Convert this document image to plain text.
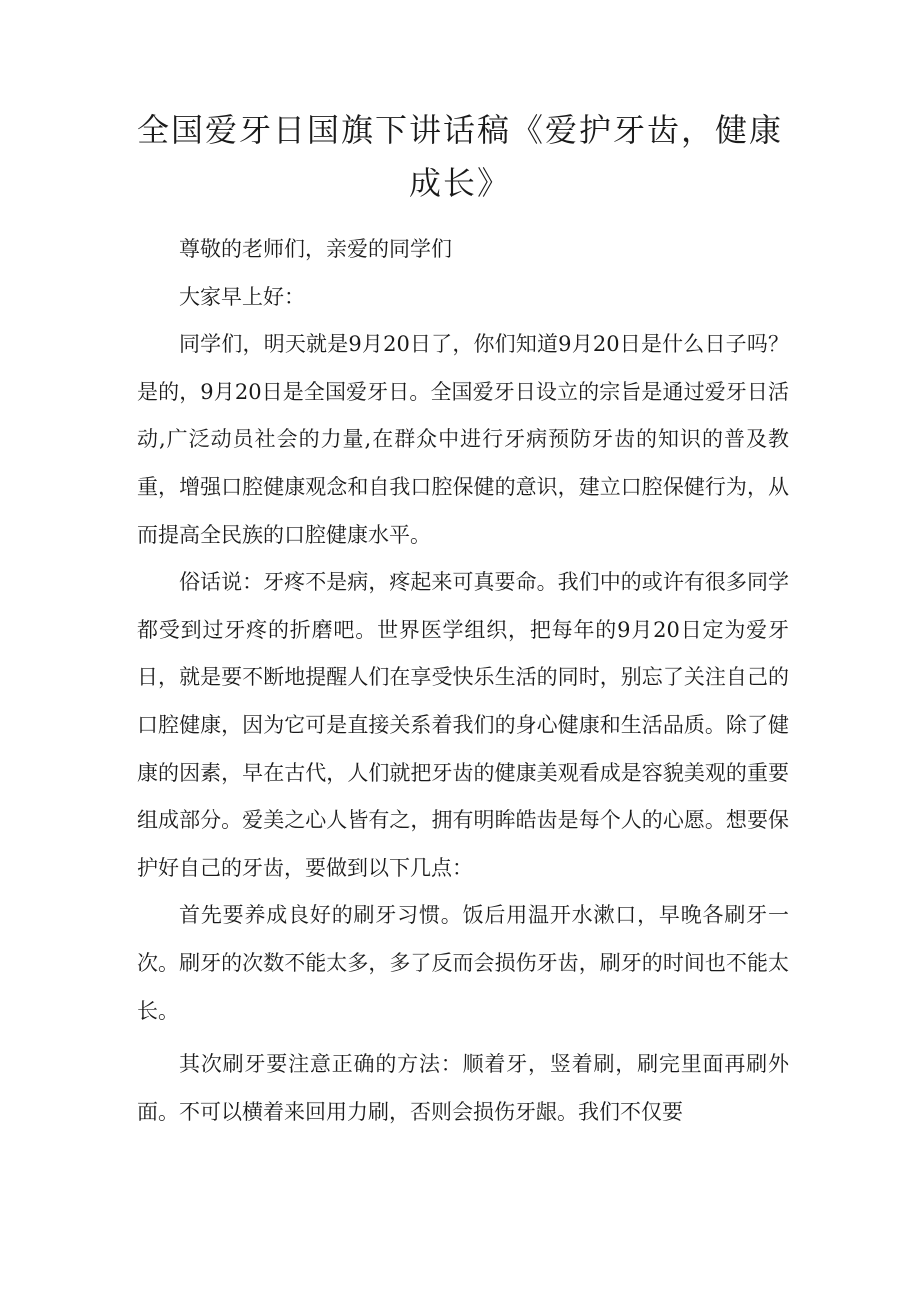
全国爱牙日国旗下讲话稿《爱护牙齿，健康成长》

尊敬的老师们，亲爱的同学们

大家早上好：

同学们，明天就是9月20日了，你们知道9月20日是什么日子吗？是的，9月20日是全国爱牙日。全国爱牙日设立的宗旨是通过爱牙日活动,广泛动员社会的力量,在群众中进行牙病预防牙齿的知识的普及教重，增强口腔健康观念和自我口腔保健的意识，建立口腔保健行为，从而提高全民族的口腔健康水平。

俗话说：牙疼不是病，疼起来可真要命。我们中的或许有很多同学都受到过牙疼的折磨吧。世界医学组织，把每年的9月20日定为爱牙日，就是要不断地提醒人们在享受快乐生活的同时，别忘了关注自己的口腔健康，因为它可是直接关系着我们的身心健康和生活品质。除了健康的因素，早在古代，人们就把牙齿的健康美观看成是容貌美观的重要组成部分。爱美之心人皆有之，拥有明眸皓齿是每个人的心愿。想要保护好自己的牙齿，要做到以下几点：

首先要养成良好的刷牙习惯。饭后用温开水漱口，早晚各刷牙一次。刷牙的次数不能太多，多了反而会损伤牙齿，刷牙的时间也不能太长。

其次刷牙要注意正确的方法：顺着牙，竖着刷，刷完里面再刷外面。不可以横着来回用力刷，否则会损伤牙龈。我们不仅要
